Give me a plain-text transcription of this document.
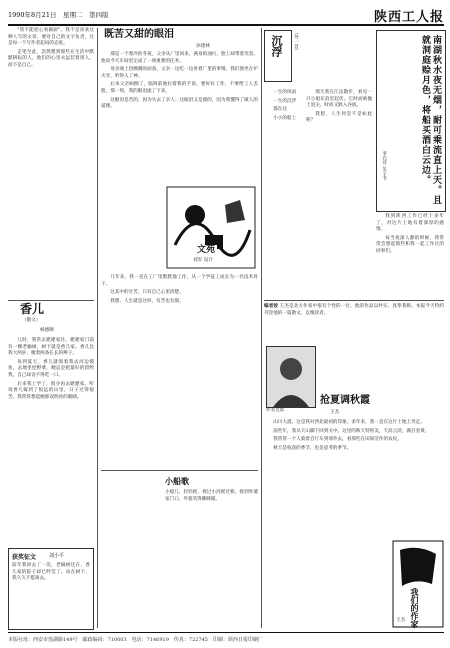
1990年8月21日　星期二　第四版	陕西工人报

"我不能把心看做厨"。我不是喜欢这种人写的文章，要对自己的文字负责，这是每一个写作者起码的态度。

走笔至此，忽然想到那些在生活中默默耕耘的人，他们的心里永远装着别人，而不是自己。

香儿
（散文）
杨德顺

儿时，我常去姥姥家住，姥姥家门前有一棵老榆树，树下就是香儿家。香儿比我大两岁，梳着两条长长的辫子。

每到夏天，香儿就领着我去河边摸鱼，去地里挖野菜，她总是把最好的留给我，自己却舍不得吃一口。

后来我上学了，很少再去姥姥家。听说香儿嫁到了很远的山里，日子过得很苦。我常常想起她那双明亮的眼睛。

获奖征文	刘小平
前年我回去了一次，老榆树还在，香儿家的院子却已经荒了。站在树下，我久久不愿离去。
既苦又甜的眼泪
孙建林

那是一个寒冷的冬夜，父亲从厂里回来，满身的油污，脸上却带着笑容。他说今天车间里完成了一项重要的任务。

母亲端上热腾腾的面条，父亲一边吃一边讲着厂里的事情。我们围坐在炉火旁，听得入了神。

后来父亲病倒了，临终前他拉着我的手说，要好好工作，不要给工人丢脸。那一刻，我的眼泪流了下来。

这眼泪是苦的，因为失去了亲人；这眼泪又是甜的，因为我懂得了做人的道理。

文苑
刘军 设计

几年来，我一直在工厂里默默地工作，从一个学徒工成长为一名技术骨干。

这其中的甘苦，只有自己心里清楚。

我想，人生就是这样，有苦也有甜。

小船歌
小船儿，轻轻摇，摇过小河摇过桥。摇到外婆家门口，外婆笑得眯眯眼。
沉浮	（外一首）

一生的风雨

一生的沉浮

都在这

小小的船上

那天我在江边散步，看见一只小船在浪里起伏。它时而被抛上浪尖，时而又跌入谷底。

我想，人生何尝不是如此呢？	南湖秋水夜无烟，耐可乘流直上天。且就洞庭赊月色，将船买酒白云边。
李白诗 吴子书

我到陕西工作已经十多年了，对这片土地有着深厚的感情。

每当夜深人静的时候，我常常会想起那些和我一起工作过的同事们。

编者按 王杰是北方作家中很有个性的一位，他的作品以朴实、真挚著称。本报今天特约刊登他的一篇散文，以飨读者。
作者近影
抢夏调秋霞
王杰

山川大漠，这是我对西北最初的印象。多年来，我一直在这片土地上奔走。

前些年，我从天山脚下回到关中。这里的秋天特别美，天高云淡，满目金黄。

我常常一个人骑着自行车到郊外去，看那些在田间劳作的农民。

秋天是收获的季节，也是思考的季节。

我们的作家
王杰
本版社址：西安市莲湖路149号　邮政编码：710003　电话：7146919　传真：722745　印刷：陕西日报印刷厂
